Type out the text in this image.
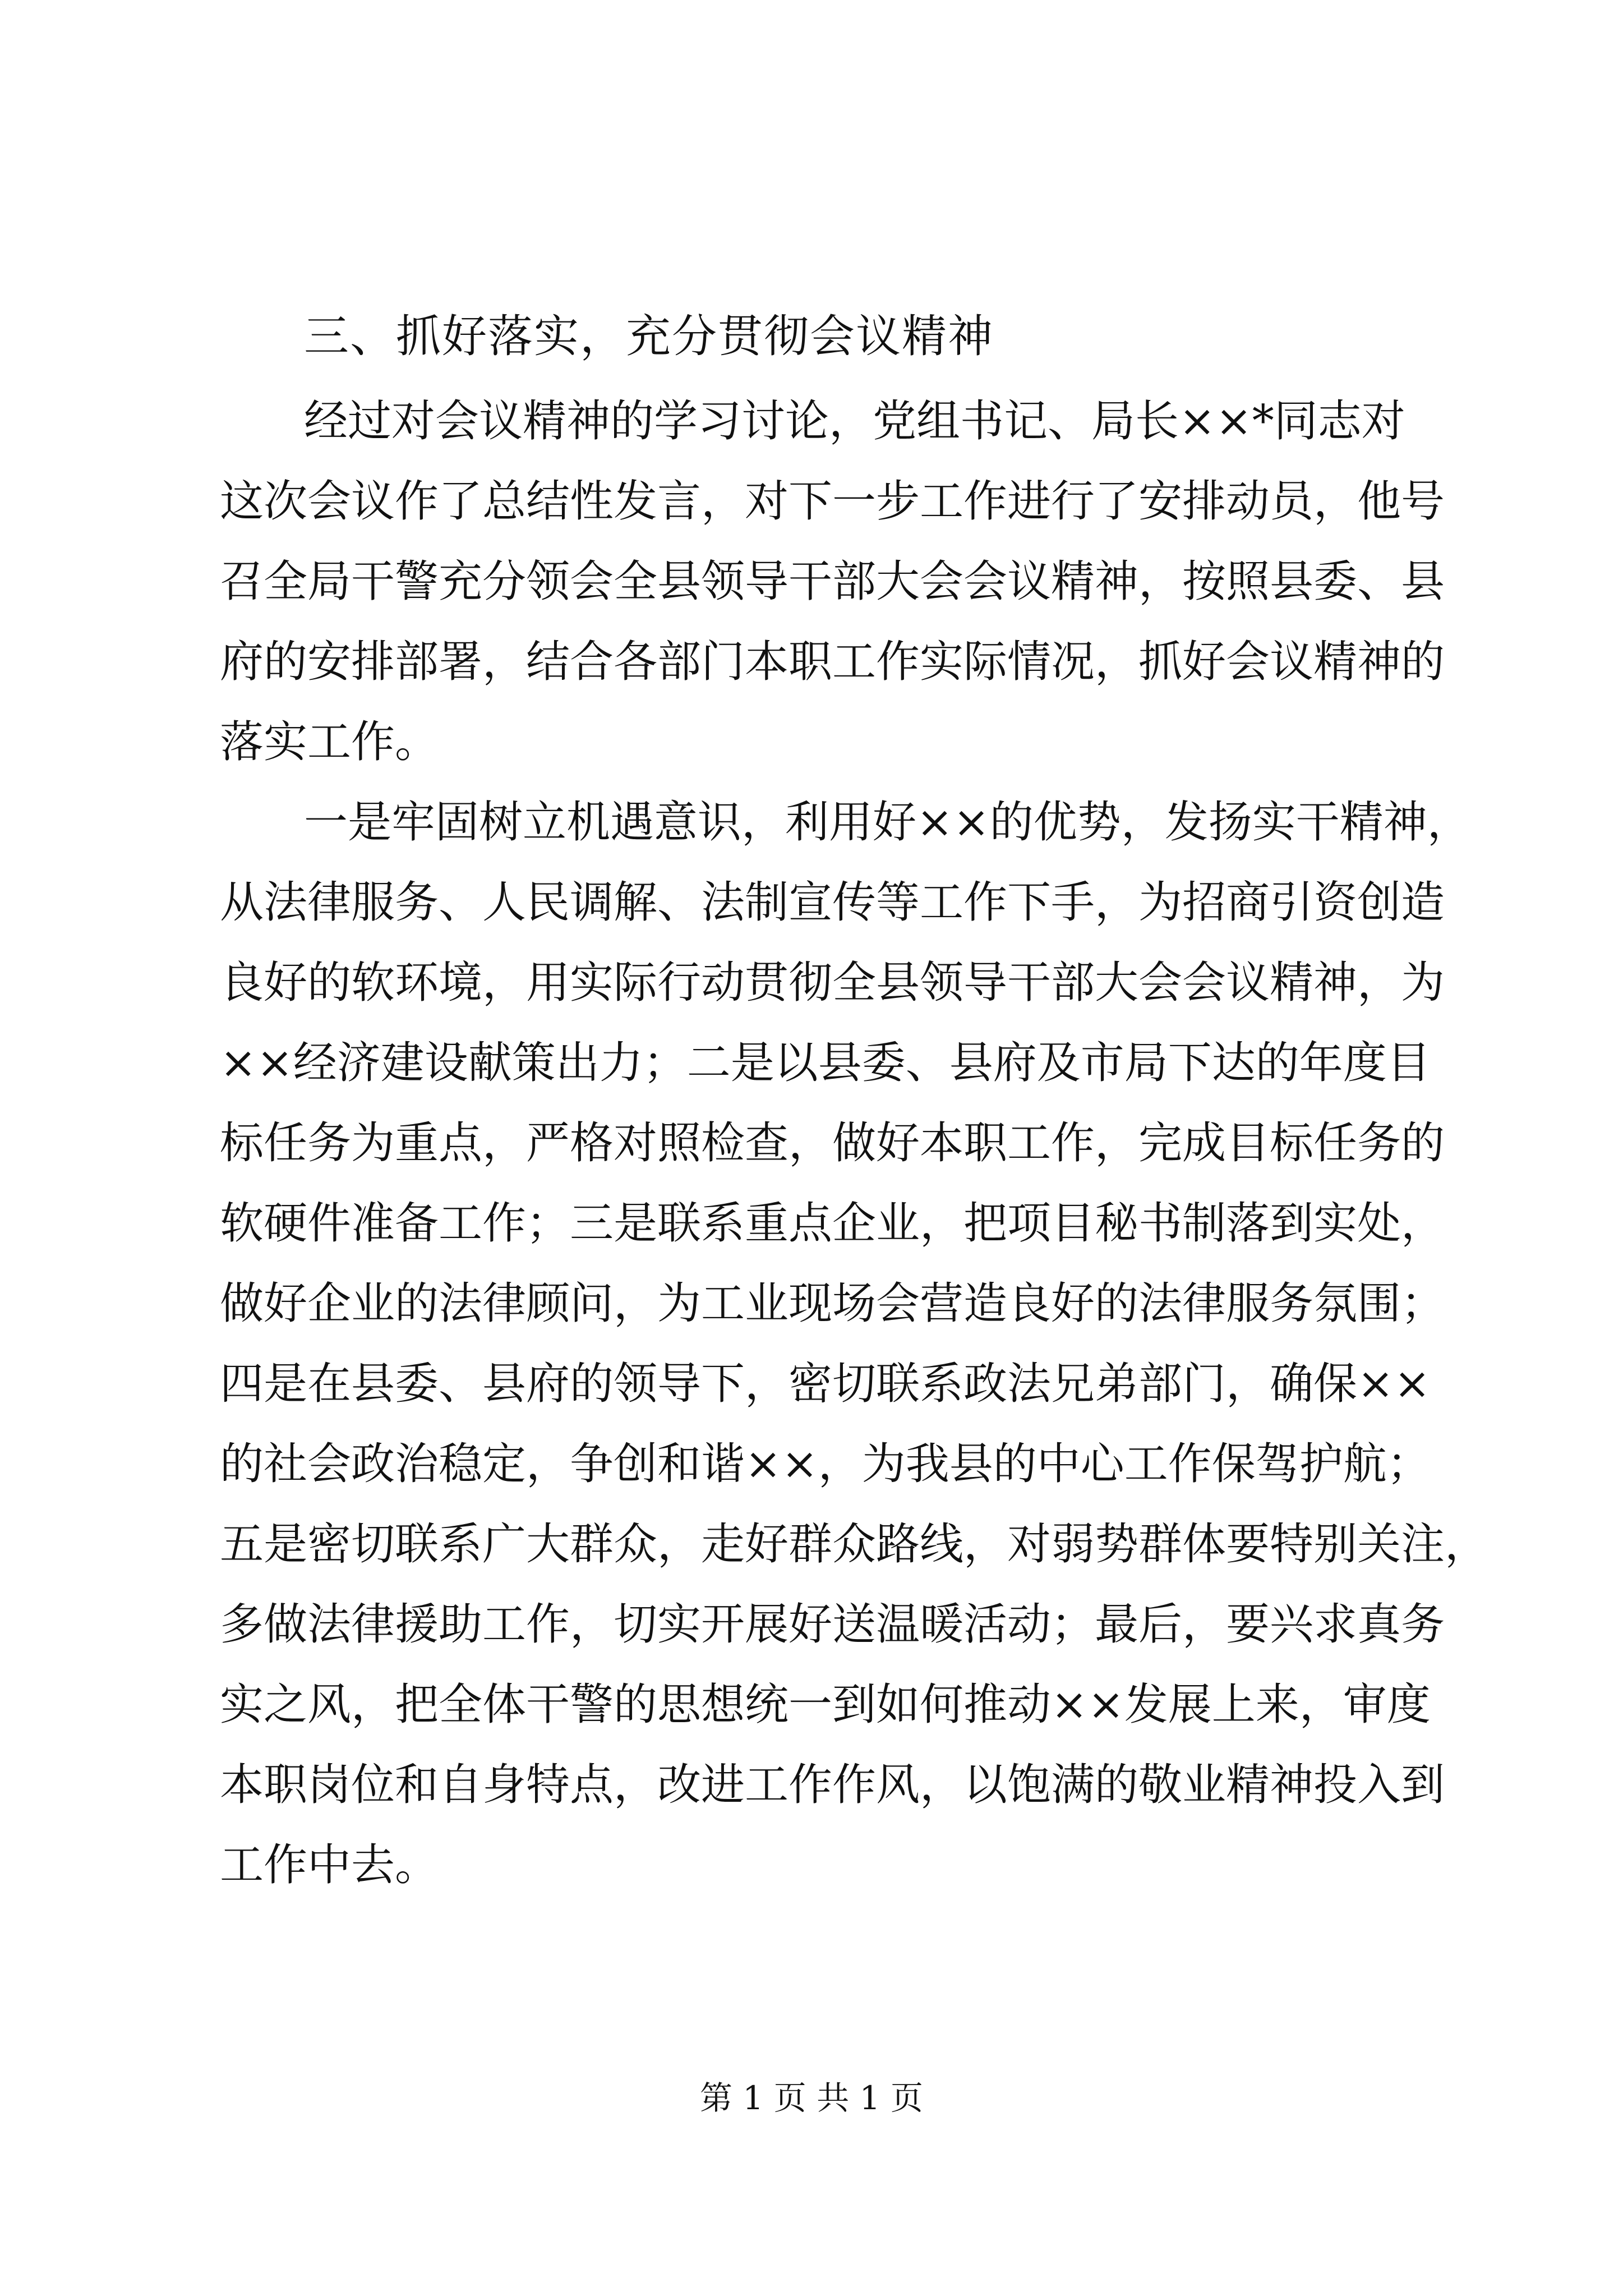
三、抓好落实，充分贯彻会议精神
经过对会议精神的学习讨论，党组书记、局长××*同志对
这次会议作了总结性发言，对下一步工作进行了安排动员，他号
召全局干警充分领会全县领导干部大会会议精神，按照县委、县
府的安排部署，结合各部门本职工作实际情况，抓好会议精神的
落实工作。
一是牢固树立机遇意识，利用好××的优势，发扬实干精神，
从法律服务、人民调解、法制宣传等工作下手，为招商引资创造
良好的软环境，用实际行动贯彻全县领导干部大会会议精神，为
××经济建设献策出力；二是以县委、县府及市局下达的年度目
标任务为重点，严格对照检查，做好本职工作，完成目标任务的
软硬件准备工作；三是联系重点企业，把项目秘书制落到实处，
做好企业的法律顾问，为工业现场会营造良好的法律服务氛围；
四是在县委、县府的领导下，密切联系政法兄弟部门，确保××
的社会政治稳定，争创和谐××，为我县的中心工作保驾护航；
五是密切联系广大群众，走好群众路线，对弱势群体要特别关注，
多做法律援助工作，切实开展好送温暖活动；最后，要兴求真务
实之风，把全体干警的思想统一到如何推动××发展上来，审度
本职岗位和自身特点，改进工作作风，以饱满的敬业精神投入到
工作中去。
第 1 页 共 1 页
